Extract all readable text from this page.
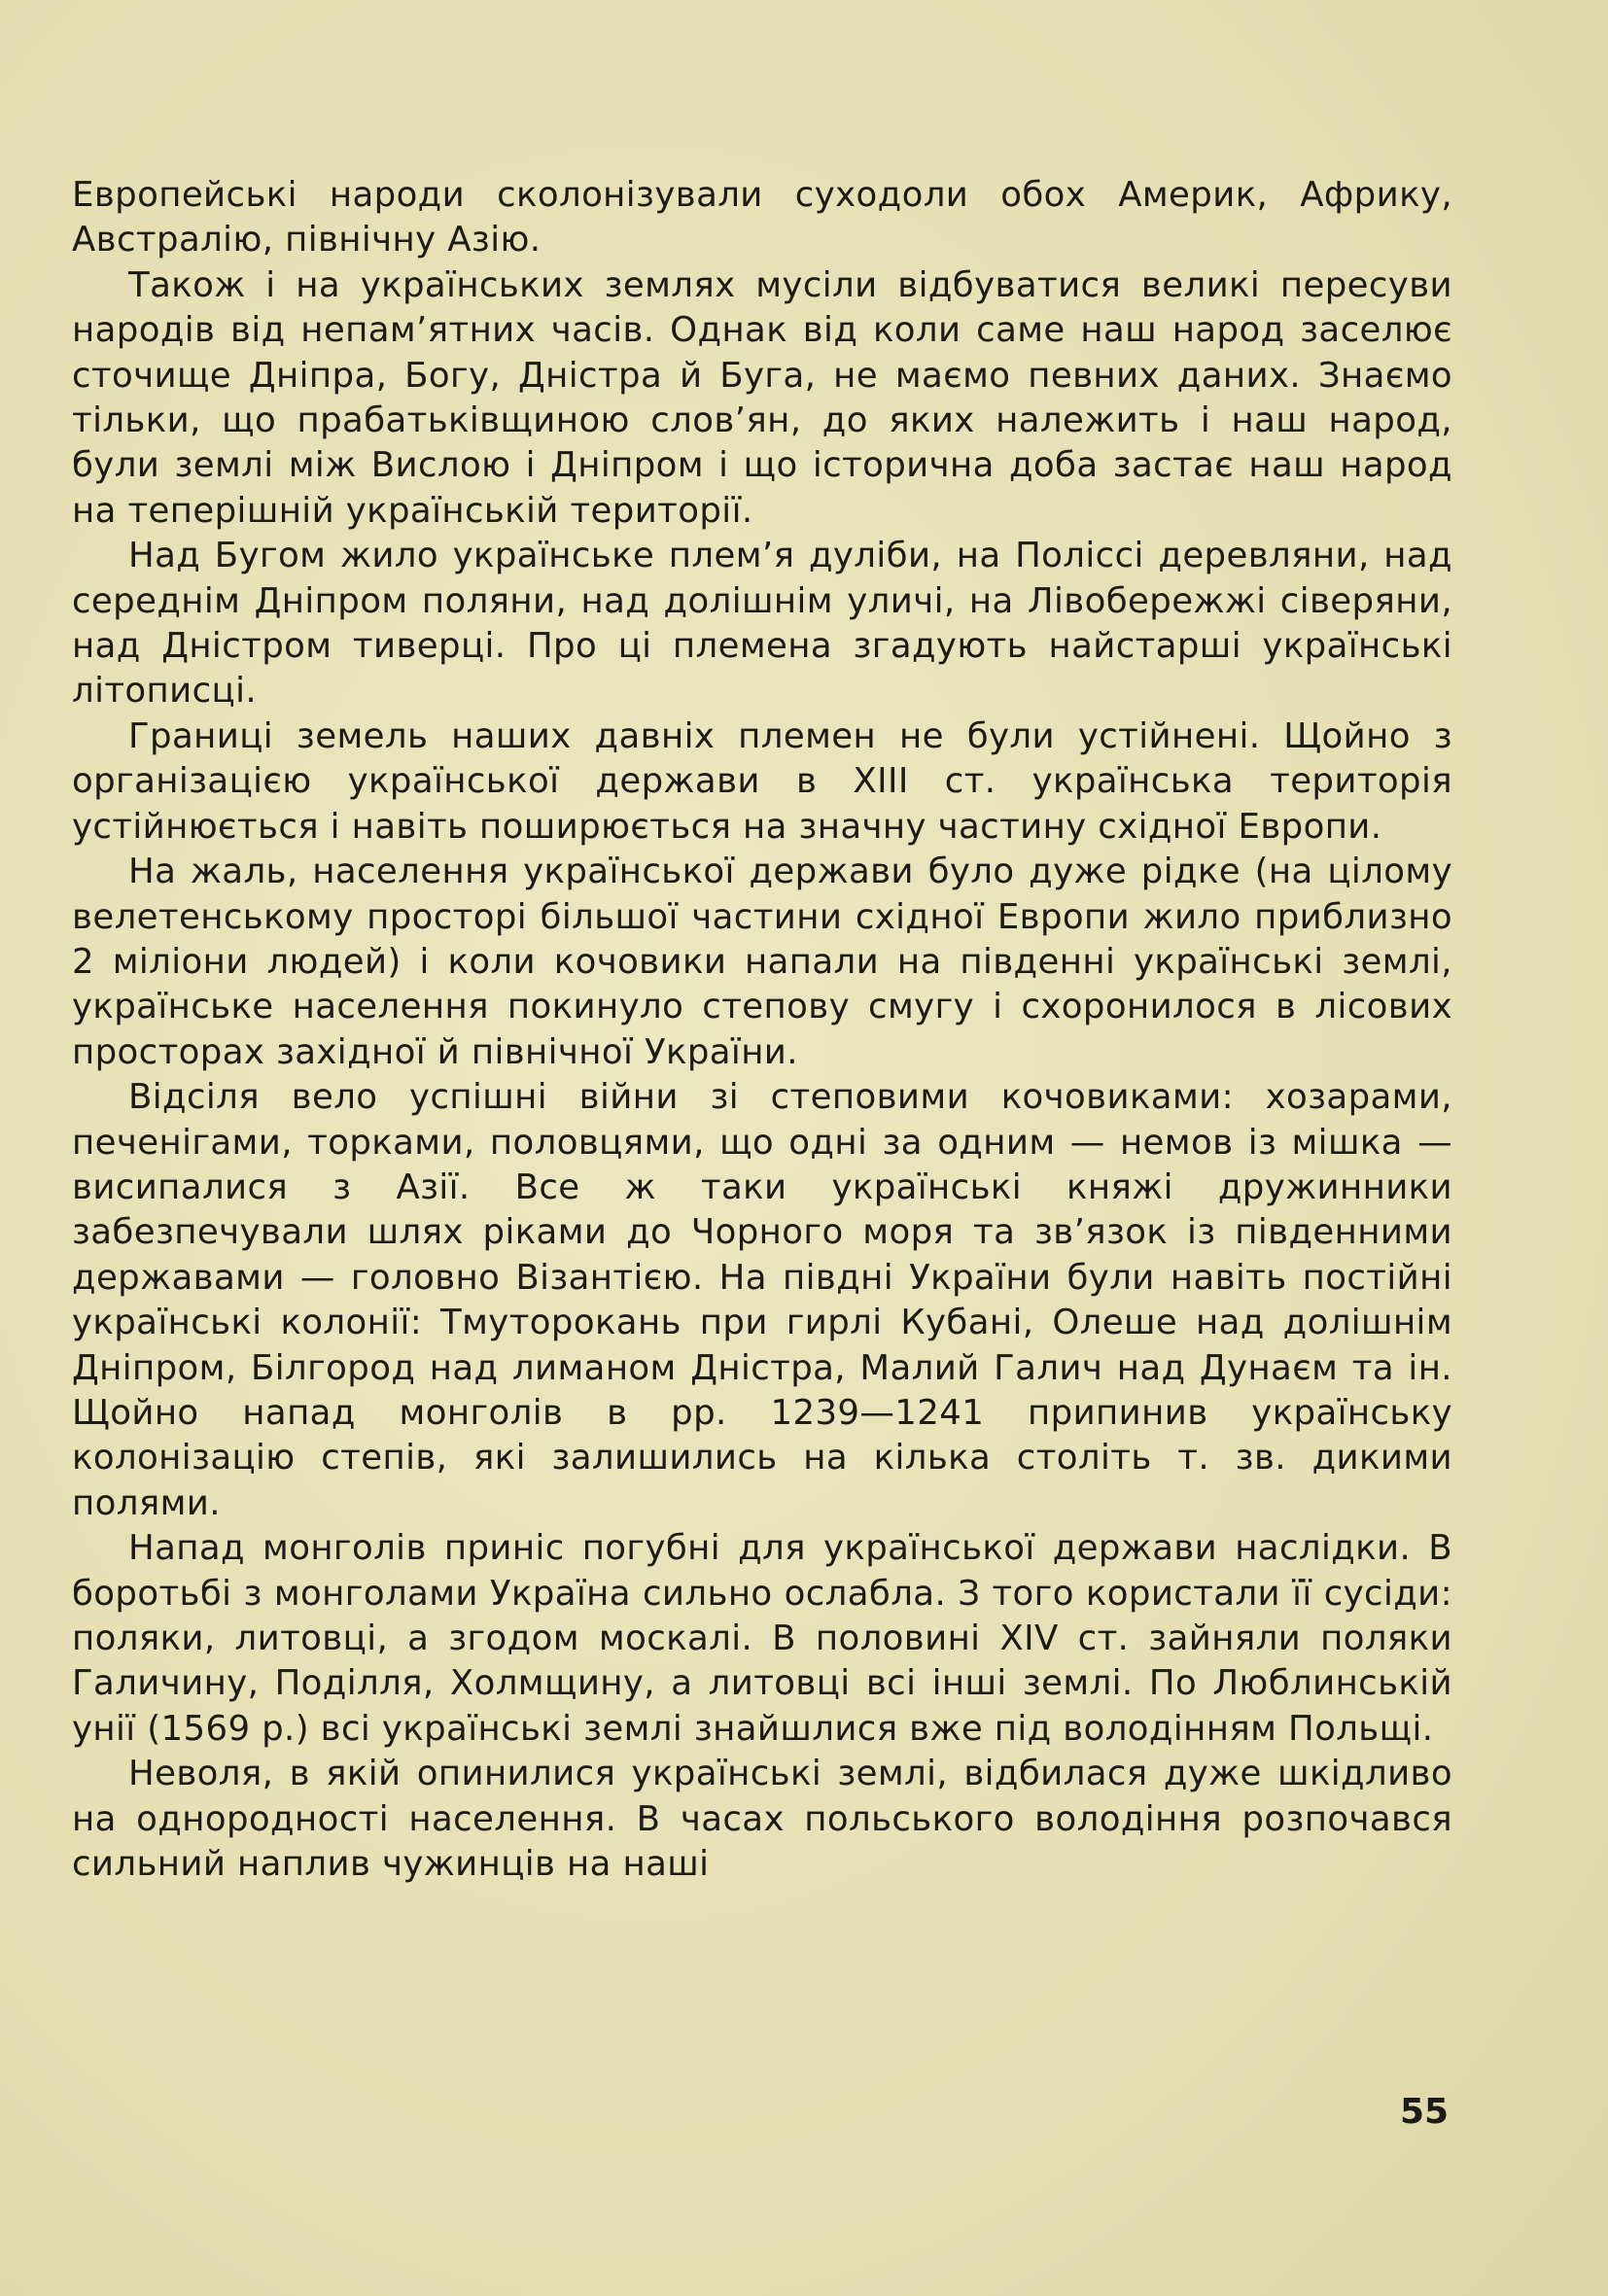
Европейські народи сколонізували суходоли обох Америк, Африку, Австралію, північну Азію.

Також і на українських землях мусіли відбуватися великі пересуви народів від непам’ятних часів. Однак від коли саме наш народ заселює сточище Дніпра, Богу, Дністра й Буга, не маємо певних даних. Знаємо тільки, що прабатьківщиною слов’ян, до яких належить і наш народ, були землі між Вислою і Дніпром і що історична доба застає наш народ на теперішній українській території.

Над Бугом жило українське плем’я дуліби, на Поліссі деревляни, над середнім Дніпром поляни, над долішнім уличі, на Лівобережжі сіверяни, над Дністром тиверці. Про ці племена згадують найстарші українські літописці.

Границі земель наших давніх племен не були устійнені. Щойно з організацією української держави в XIII ст. українська територія устійнюється і навіть поширюється на значну частину східної Европи.

На жаль, населення української держави було дуже рідке (на цілому велетенському просторі більшої частини східної Европи жило приблизно 2 міліони людей) і коли кочовики напали на південні українські землі, українське населення покинуло степову смугу і схоронилося в лісових просторах західної й північної України.

Відсіля вело успішні війни зі степовими кочовиками: хозарами, печенігами, торками, половцями, що одні за одним — немов із мішка — висипалися з Азії. Все ж таки українські княжі дружинники забезпечували шлях ріками до Чорного моря та зв’язок із південними державами — головно Візантією. На півдні України були навіть постійні українські колонії: Тмуторокань при гирлі Кубані, Олеше над долішнім Дніпром, Білгород над лиманом Дністра, Малий Галич над Дунаєм та ін. Щойно напад монголів в рр. 1239—1241 припинив українську колонізацію степів, які залишились на кілька століть т. зв. дикими полями.

Напад монголів приніс погубні для української держави наслідки. В боротьбі з монголами Україна сильно ослабла. З того користали її сусіди: поляки, литовці, а згодом москалі. В половині XIV ст. зайняли поляки Галичину, Поділля, Холмщину, а литовці всі інші землі. По Люблинській унії (1569 р.) всі українські землі знайшлися вже під володінням Польщі.

Неволя, в якій опинилися українські землі, відбилася дуже шкідливо на однородності населення. В часах польського володіння розпочався сильний наплив чужинців на наші

55
